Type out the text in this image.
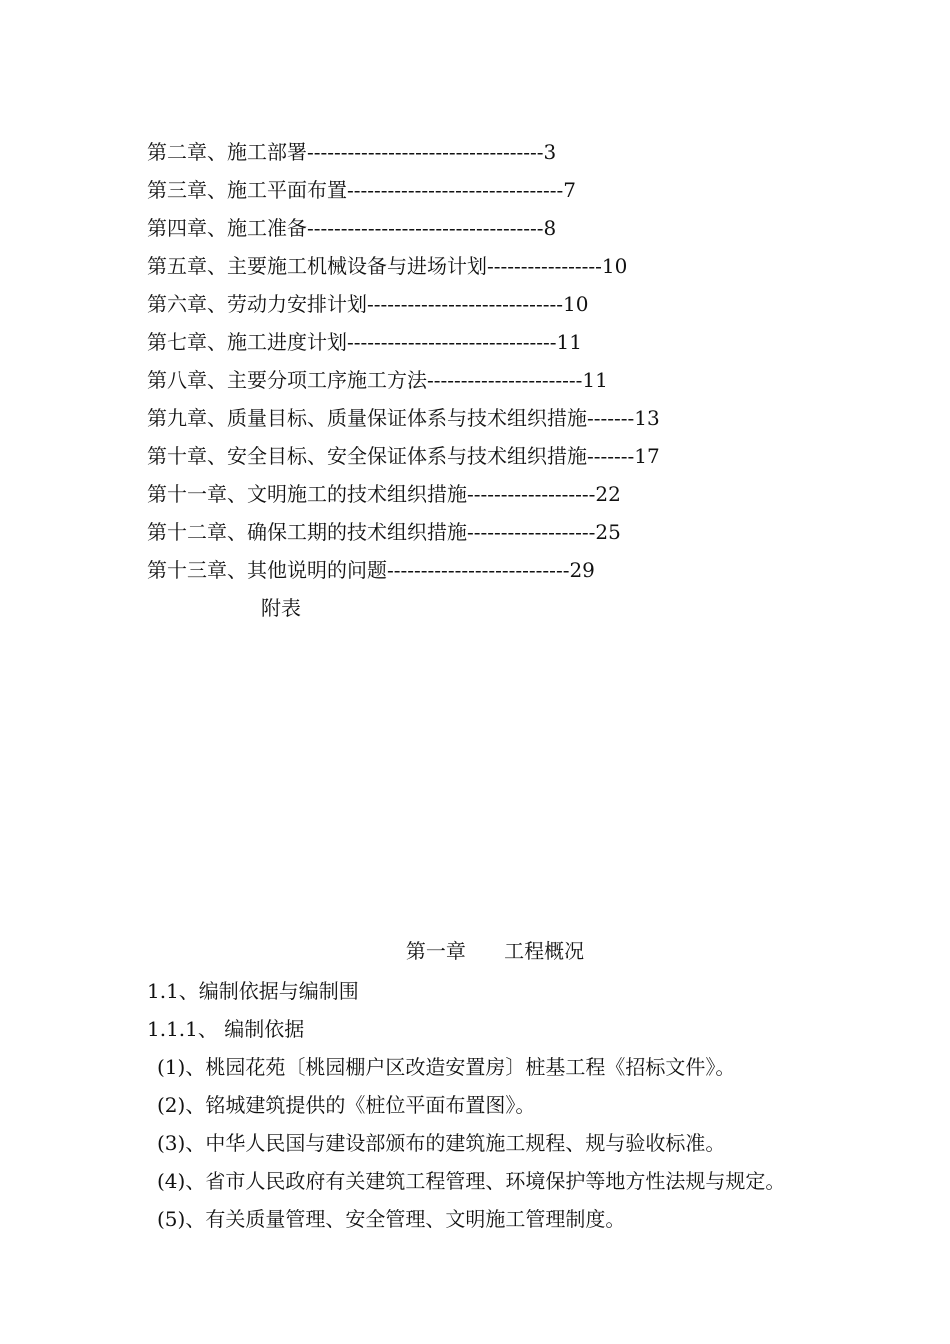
第二章、施工部署-----------------------------------3
第三章、施工平面布置--------------------------------7
第四章、施工准备-----------------------------------8
第五章、主要施工机械设备与进场计划-----------------10
第六章、劳动力安排计划-----------------------------10
第七章、施工进度计划-------------------------------11
第八章、主要分项工序施工方法-----------------------11
第九章、质量目标、质量保证体系与技术组织措施-------13
第十章、安全目标、安全保证体系与技术组织措施-------17
第十一章、文明施工的技术组织措施-------------------22
第十二章、确保工期的技术组织措施-------------------25
第十三章、其他说明的问题---------------------------29
附表
第一章      工程概况
1.1、编制依据与编制围
1.1.1、 编制依据
(1)、桃园花苑〔桃园棚户区改造安置房〕桩基工程《招标文件》。
(2)、铭城建筑提供的《桩位平面布置图》。
(3)、中华人民国与建设部颁布的建筑施工规程、规与验收标准。
(4)、省市人民政府有关建筑工程管理、环境保护等地方性法规与规定。
(5)、有关质量管理、安全管理、文明施工管理制度。
